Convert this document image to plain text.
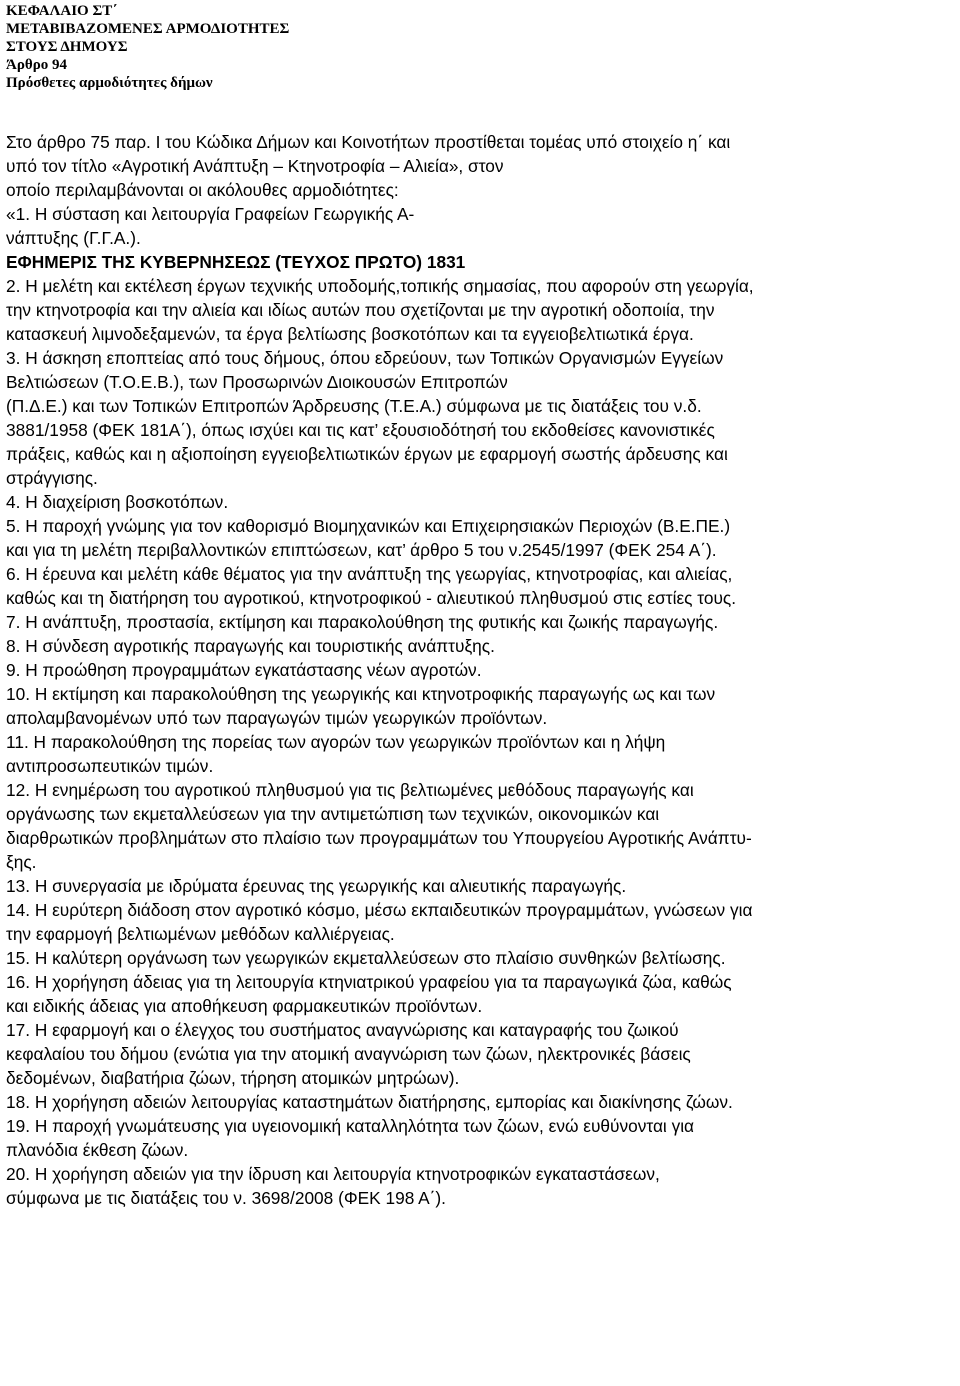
ΚΕΦΑΛΑΙΟ ΣΤ΄
ΜΕΤΑΒΙΒΑΖΟΜΕΝΕΣ ΑΡΜΟΔΙΟΤΗΤΕΣ
ΣΤΟΥΣ ΔΗΜΟΥΣ
Άρθρο 94
Πρόσθετες αρμοδιότητες δήμων
Στο άρθρο 75 παρ. Ι του Κώδικα Δήμων και Κοινοτήτων προστίθεται τομέας υπό στοιχείο η΄ και
υπό τον τίτλο «Αγροτική Ανάπτυξη – Κτηνοτροφία – Αλιεία», στον
οποίο περιλαμβάνονται οι ακόλουθες αρμοδιότητες:
«1. Η σύσταση και λειτουργία Γραφείων Γεωργικής Α-
νάπτυξης (Γ.Γ.Α.).
ΕΦΗΜΕΡΙΣ ΤΗΣ ΚΥΒΕΡΝΗΣΕΩΣ (ΤΕΥΧΟΣ ΠΡΩΤΟ) 1831
2. Η μελέτη και εκτέλεση έργων τεχνικής υποδομής,τοπικής σημασίας, που αφορούν στη γεωργία,
την κτηνοτροφία και την αλιεία και ιδίως αυτών που σχετίζονται με την αγροτική οδοποιία, την
κατασκευή λιμνοδεξαμενών, τα έργα βελτίωσης βοσκοτόπων και τα εγγειοβελτιωτικά έργα.
3. Η άσκηση εποπτείας από τους δήμους, όπου εδρεύουν, των Τοπικών Οργανισμών Εγγείων
Βελτιώσεων (Τ.Ο.Ε.Β.), των Προσωρινών Διοικουσών Επιτροπών
(Π.Δ.Ε.) και των Τοπικών Επιτροπών Άρδρευσης (Τ.Ε.Α.) σύμφωνα με τις διατάξεις του ν.δ.
3881/1958 (ΦΕΚ 181Α΄), όπως ισχύει και τις κατ’ εξουσιοδότησή του εκδοθείσες κανονιστικές
πράξεις, καθώς και η αξιοποίηση εγγειοβελτιωτικών έργων με εφαρμογή σωστής άρδευσης και
στράγγισης.
4. Η διαχείριση βοσκοτόπων.
5. Η παροχή γνώμης για τον καθορισμό Βιομηχανικών και Επιχειρησιακών Περιοχών (Β.Ε.ΠΕ.)
και για τη μελέτη περιβαλλοντικών επιπτώσεων, κατ’ άρθρο 5 του ν.2545/1997 (ΦΕΚ 254 Α΄).
6. Η έρευνα και μελέτη κάθε θέματος για την ανάπτυξη της γεωργίας, κτηνοτροφίας, και αλιείας,
καθώς και τη διατήρηση του αγροτικού, κτηνοτροφικού - αλιευτικού πληθυσμού στις εστίες τους.
7. Η ανάπτυξη, προστασία, εκτίμηση και παρακολούθηση της φυτικής και ζωικής παραγωγής.
8. Η σύνδεση αγροτικής παραγωγής και τουριστικής ανάπτυξης.
9. Η προώθηση προγραμμάτων εγκατάστασης νέων αγροτών.
10. Η εκτίμηση και παρακολούθηση της γεωργικής και κτηνοτροφικής παραγωγής ως και των
απολαμβανομένων υπό των παραγωγών τιμών γεωργικών προϊόντων.
11. Η παρακολούθηση της πορείας των αγορών των γεωργικών προϊόντων και η λήψη
αντιπροσωπευτικών τιμών.
12. Η ενημέρωση του αγροτικού πληθυσμού για τις βελτιωμένες μεθόδους παραγωγής και
οργάνωσης των εκμεταλλεύσεων για την αντιμετώπιση των τεχνικών, οικονομικών και
διαρθρωτικών προβλημάτων στο πλαίσιο των προγραμμάτων του Υπουργείου Αγροτικής Ανάπτυ-
ξης.
13. Η συνεργασία με ιδρύματα έρευνας της γεωργικής και αλιευτικής παραγωγής.
14. Η ευρύτερη διάδοση στον αγροτικό κόσμο, μέσω εκπαιδευτικών προγραμμάτων, γνώσεων για
την εφαρμογή βελτιωμένων μεθόδων καλλιέργειας.
15. Η καλύτερη οργάνωση των γεωργικών εκμεταλλεύσεων στο πλαίσιο συνθηκών βελτίωσης.
16. Η χορήγηση άδειας για τη λειτουργία κτηνιατρικού γραφείου για τα παραγωγικά ζώα, καθώς
και ειδικής άδειας για αποθήκευση φαρμακευτικών προϊόντων.
17. Η εφαρμογή και ο έλεγχος του συστήματος αναγνώρισης και καταγραφής του ζωικού
κεφαλαίου του δήμου (ενώτια για την ατομική αναγνώριση των ζώων, ηλεκτρονικές βάσεις
δεδομένων, διαβατήρια ζώων, τήρηση ατομικών μητρώων).
18. Η χορήγηση αδειών λειτουργίας καταστημάτων διατήρησης, εμπορίας και διακίνησης ζώων.
19. Η παροχή γνωμάτευσης για υγειονομική καταλληλότητα των ζώων, ενώ ευθύνονται για
πλανόδια έκθεση ζώων.
20. Η χορήγηση αδειών για την ίδρυση και λειτουργία κτηνοτροφικών εγκαταστάσεων,
σύμφωνα με τις διατάξεις του ν. 3698/2008 (ΦΕΚ 198 Α΄).
